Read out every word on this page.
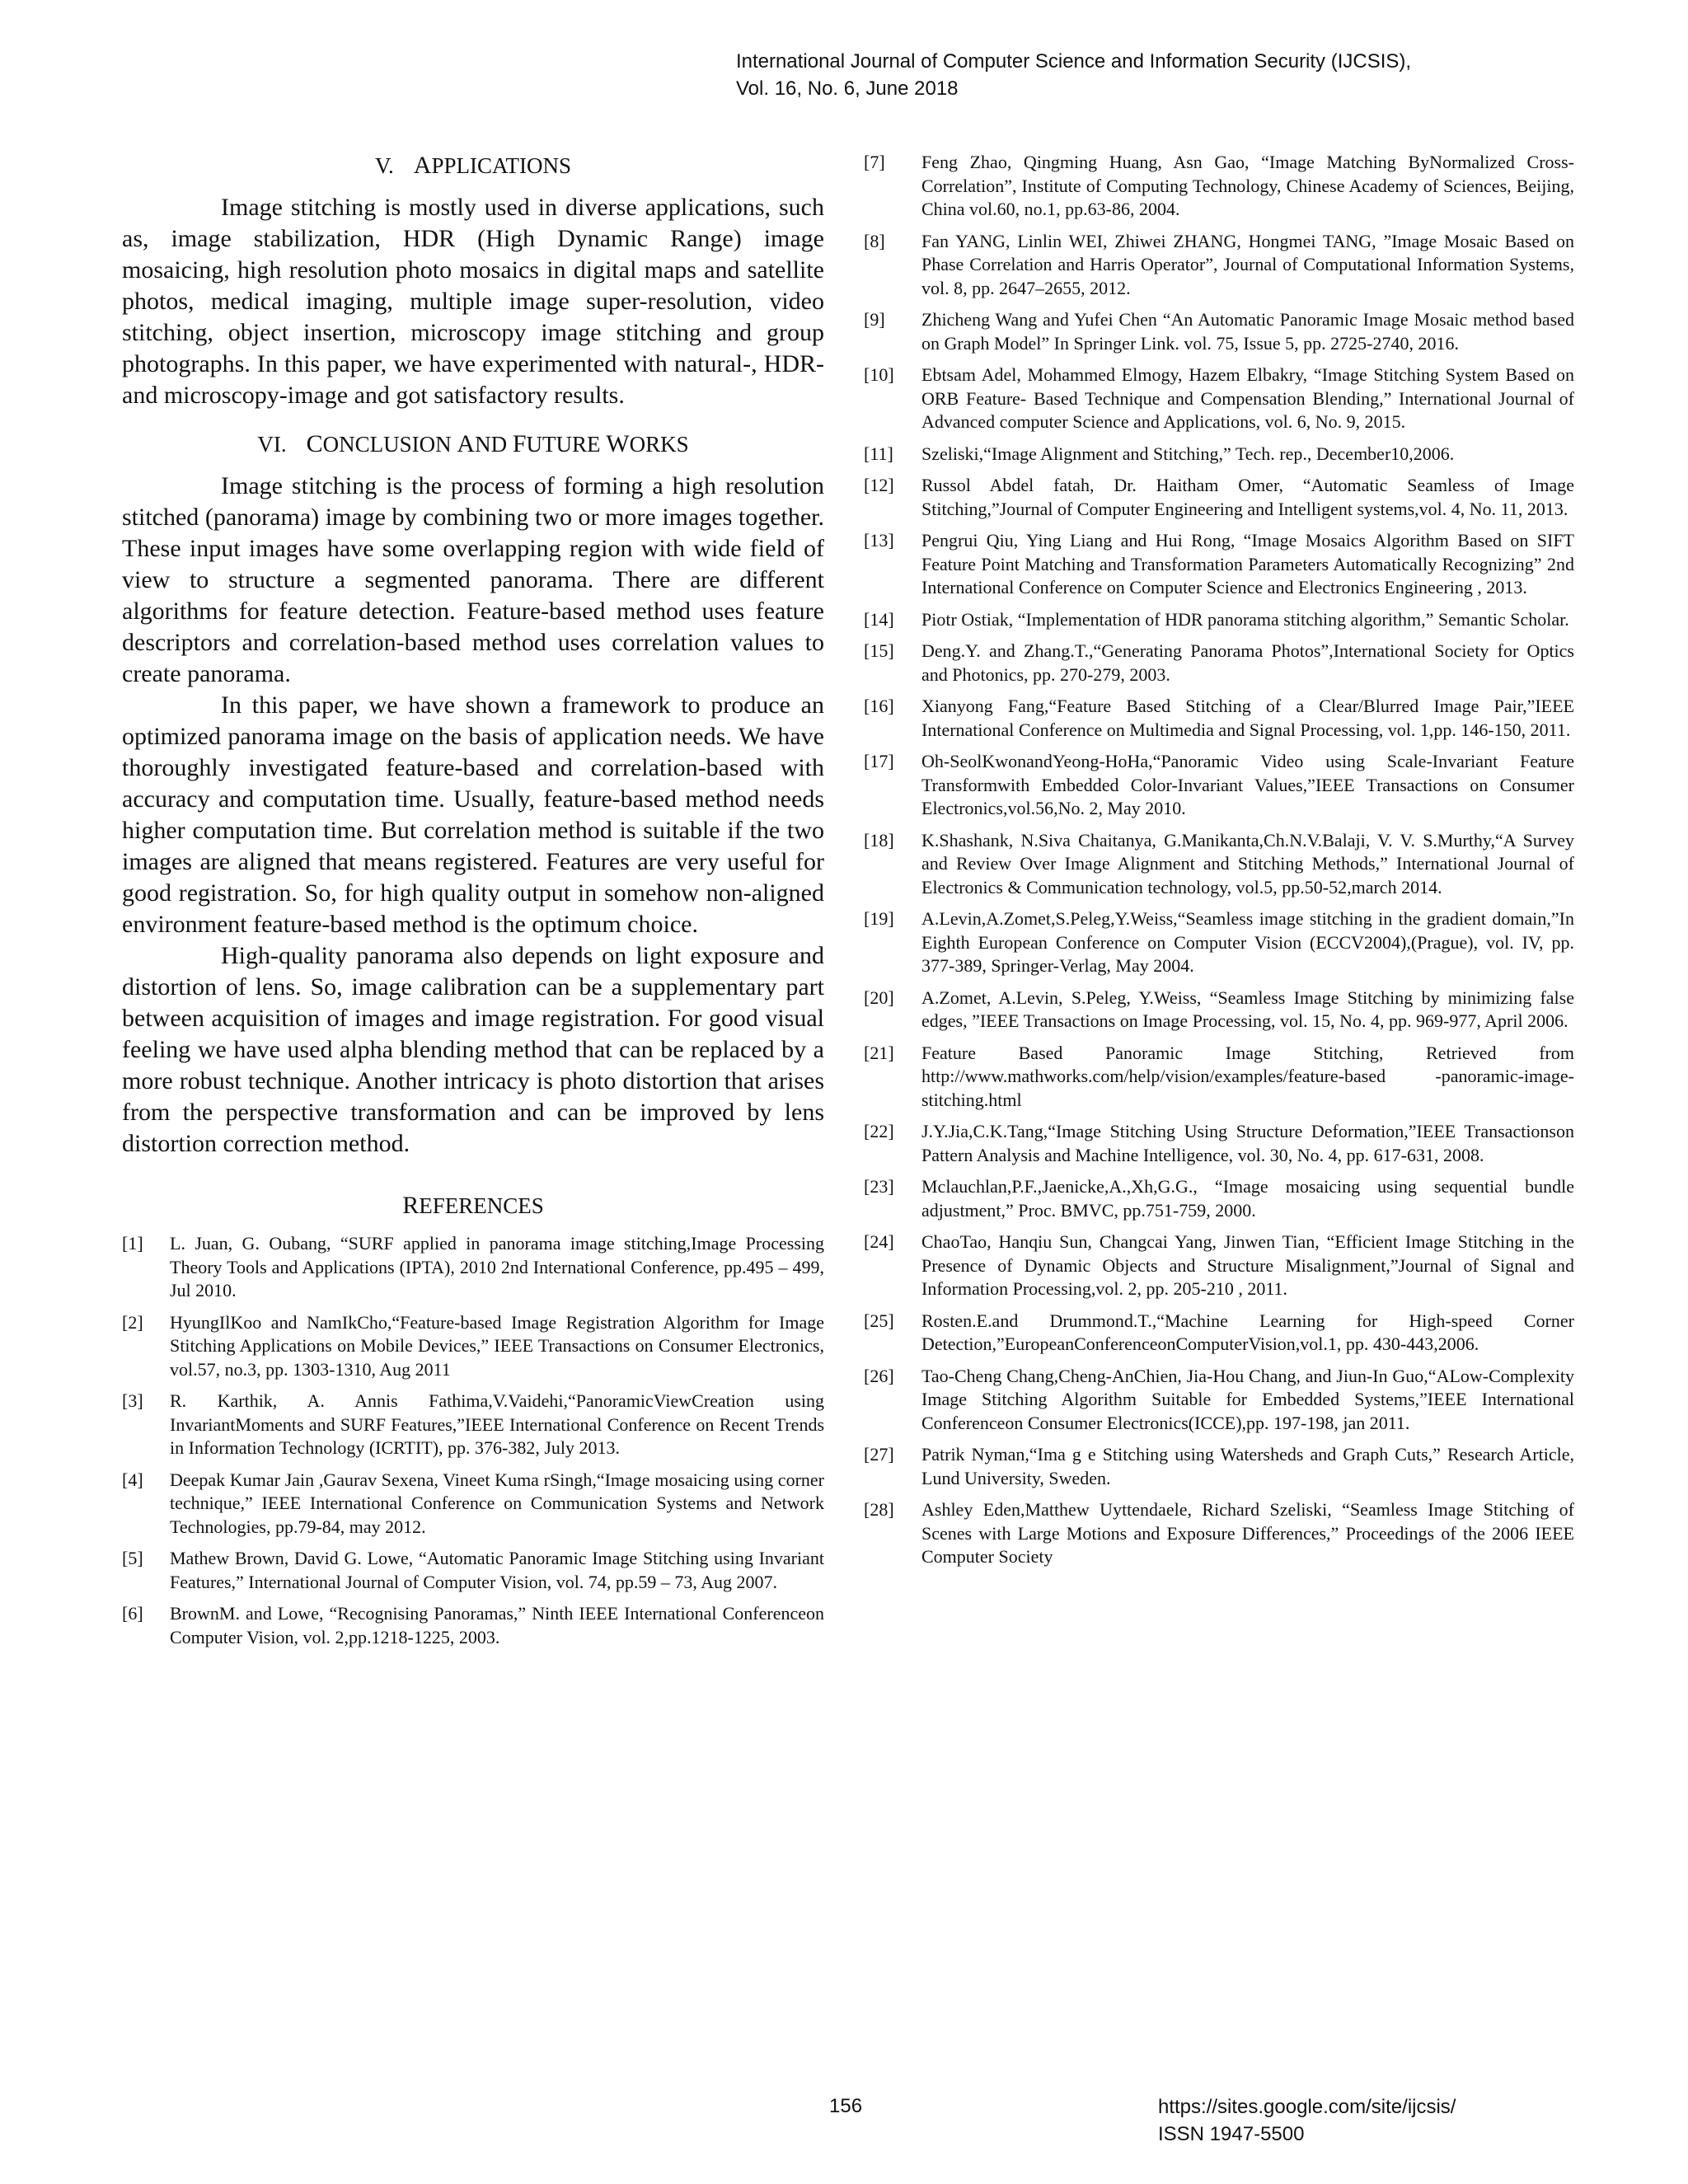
International Journal of Computer Science and Information Security (IJCSIS),
Vol. 16, No. 6, June 2018
V. APPLICATIONS

Image stitching is mostly used in diverse applications, such as, image stabilization, HDR (High Dynamic Range) image mosaicing, high resolution photo mosaics in digital maps and satellite photos, medical imaging, multiple image super-resolution, video stitching, object insertion, microscopy image stitching and group photographs. In this paper, we have experimented with natural-, HDR- and microscopy-image and got satisfactory results.

VI. CONCLUSION AND FUTURE WORKS

Image stitching is the process of forming a high resolution stitched (panorama) image by combining two or more images together. These input images have some overlapping region with wide field of view to structure a segmented panorama. There are different algorithms for feature detection. Feature-based method uses feature descriptors and correlation-based method uses correlation values to create panorama.

In this paper, we have shown a framework to produce an optimized panorama image on the basis of application needs. We have thoroughly investigated feature-based and correlation-based with accuracy and computation time. Usually, feature-based method needs higher computation time. But correlation method is suitable if the two images are aligned that means registered. Features are very useful for good registration. So, for high quality output in somehow non-aligned environment feature-based method is the optimum choice.

High-quality panorama also depends on light exposure and distortion of lens. So, image calibration can be a supplementary part between acquisition of images and image registration. For good visual feeling we have used alpha blending method that can be replaced by a more robust technique. Another intricacy is photo distortion that arises from the perspective transformation and can be improved by lens distortion correction method.

REFERENCES
[1]	L. Juan, G. Oubang, “SURF applied in panorama image stitching,Image Processing Theory Tools and Applications (IPTA), 2010 2nd International Conference, pp.495 – 499, Jul 2010.
[2]	HyungIlKoo and NamIkCho,“Feature-based Image Registration Algorithm for Image Stitching Applications on Mobile Devices,” IEEE Transactions on Consumer Electronics, vol.57, no.3, pp. 1303-1310, Aug 2011
[3]	R. Karthik, A. Annis Fathima,V.Vaidehi,“PanoramicViewCreation using InvariantMoments and SURF Features,”IEEE International Conference on Recent Trends in Information Technology (ICRTIT), pp. 376-382, July 2013.
[4]	Deepak Kumar Jain ,Gaurav Sexena, Vineet Kuma rSingh,“Image mosaicing using corner technique,” IEEE International Conference on Communication Systems and Network Technologies, pp.79-84, may 2012.
[5]	Mathew Brown, David G. Lowe, “Automatic Panoramic Image Stitching using Invariant Features,” International Journal of Computer Vision, vol. 74, pp.59 – 73, Aug 2007.
[6]	BrownM. and Lowe, “Recognising Panoramas,” Ninth IEEE International Conferenceon Computer Vision, vol. 2,pp.1218-1225, 2003.
[7]	Feng Zhao, Qingming Huang, Asn Gao, “Image Matching ByNormalized Cross-Correlation”, Institute of Computing Technology, Chinese Academy of Sciences, Beijing, China vol.60, no.1, pp.63-86, 2004.
[8]	Fan YANG, Linlin WEI, Zhiwei ZHANG, Hongmei TANG, ”Image Mosaic Based on Phase Correlation and Harris Operator”, Journal of Computational Information Systems, vol. 8, pp. 2647–2655, 2012.
[9]	Zhicheng Wang and Yufei Chen “An Automatic Panoramic Image Mosaic method based on Graph Model” In Springer Link. vol. 75, Issue 5, pp. 2725-2740, 2016.
[10]	Ebtsam Adel, Mohammed Elmogy, Hazem Elbakry, “Image Stitching System Based on ORB Feature- Based Technique and Compensation Blending,” International Journal of Advanced computer Science and Applications, vol. 6, No. 9, 2015.
[11]	Szeliski,“Image Alignment and Stitching,” Tech. rep., December10,2006.
[12]	Russol Abdel fatah, Dr. Haitham Omer, “Automatic Seamless of Image Stitching,”Journal of Computer Engineering and Intelligent systems,vol. 4, No. 11, 2013.
[13]	Pengrui Qiu, Ying Liang and Hui Rong, “Image Mosaics Algorithm Based on SIFT Feature Point Matching and Transformation Parameters Automatically Recognizing” 2nd International Conference on Computer Science and Electronics Engineering , 2013.
[14]	Piotr Ostiak, “Implementation of HDR panorama stitching algorithm,” Semantic Scholar.
[15]	Deng.Y. and Zhang.T.,“Generating Panorama Photos”,International Society for Optics and Photonics, pp. 270-279, 2003.
[16]	Xianyong Fang,“Feature Based Stitching of a Clear/Blurred Image Pair,”IEEE International Conference on Multimedia and Signal Processing, vol. 1,pp. 146-150, 2011.
[17]	Oh-SeolKwonandYeong-HoHa,“Panoramic Video using Scale-Invariant Feature Transformwith Embedded Color-Invariant Values,”IEEE Transactions on Consumer Electronics,vol.56,No. 2, May 2010.
[18]	K.Shashank, N.Siva Chaitanya, G.Manikanta,Ch.N.V.Balaji, V. V. S.Murthy,“A Survey and Review Over Image Alignment and Stitching Methods,” International Journal of Electronics & Communication technology, vol.5, pp.50-52,march 2014.
[19]	A.Levin,A.Zomet,S.Peleg,Y.Weiss,“Seamless image stitching in the gradient domain,”In Eighth European Conference on Computer Vision (ECCV2004),(Prague), vol. IV, pp. 377-389, Springer-Verlag, May 2004.
[20]	A.Zomet, A.Levin, S.Peleg, Y.Weiss, “Seamless Image Stitching by minimizing false edges, ”IEEE Transactions on Image Processing, vol. 15, No. 4, pp. 969-977, April 2006.
[21]	Feature Based Panoramic Image Stitching, Retrieved from http://www.mathworks.com/help/vision/examples/feature-based -panoramic-image-stitching.html
[22]	J.Y.Jia,C.K.Tang,“Image Stitching Using Structure Deformation,”IEEE Transactionson Pattern Analysis and Machine Intelligence, vol. 30, No. 4, pp. 617-631, 2008.
[23]	Mclauchlan,P.F.,Jaenicke,A.,Xh,G.G., “Image mosaicing using sequential bundle adjustment,” Proc. BMVC, pp.751-759, 2000.
[24]	ChaoTao, Hanqiu Sun, Changcai Yang, Jinwen Tian, “Efficient Image Stitching in the Presence of Dynamic Objects and Structure Misalignment,”Journal of Signal and Information Processing,vol. 2, pp. 205-210 , 2011.
[25]	Rosten.E.and Drummond.T.,“Machine Learning for High-speed Corner Detection,”EuropeanConferenceonComputerVision,vol.1, pp. 430-443,2006.
[26]	Tao-Cheng Chang,Cheng-AnChien, Jia-Hou Chang, and Jiun-In Guo,“ALow-Complexity Image Stitching Algorithm Suitable for Embedded Systems,”IEEE International Conferenceon Consumer Electronics(ICCE),pp. 197-198, jan 2011.
[27]	Patrik Nyman,“Ima g e Stitching using Watersheds and Graph Cuts,” Research Article, Lund University, Sweden.
[28]	Ashley Eden,Matthew Uyttendaele, Richard Szeliski, “Seamless Image Stitching of Scenes with Large Motions and Exposure Differences,” Proceedings of the 2006 IEEE Computer Society
156	https://sites.google.com/site/ijcsis/
ISSN 1947-5500
